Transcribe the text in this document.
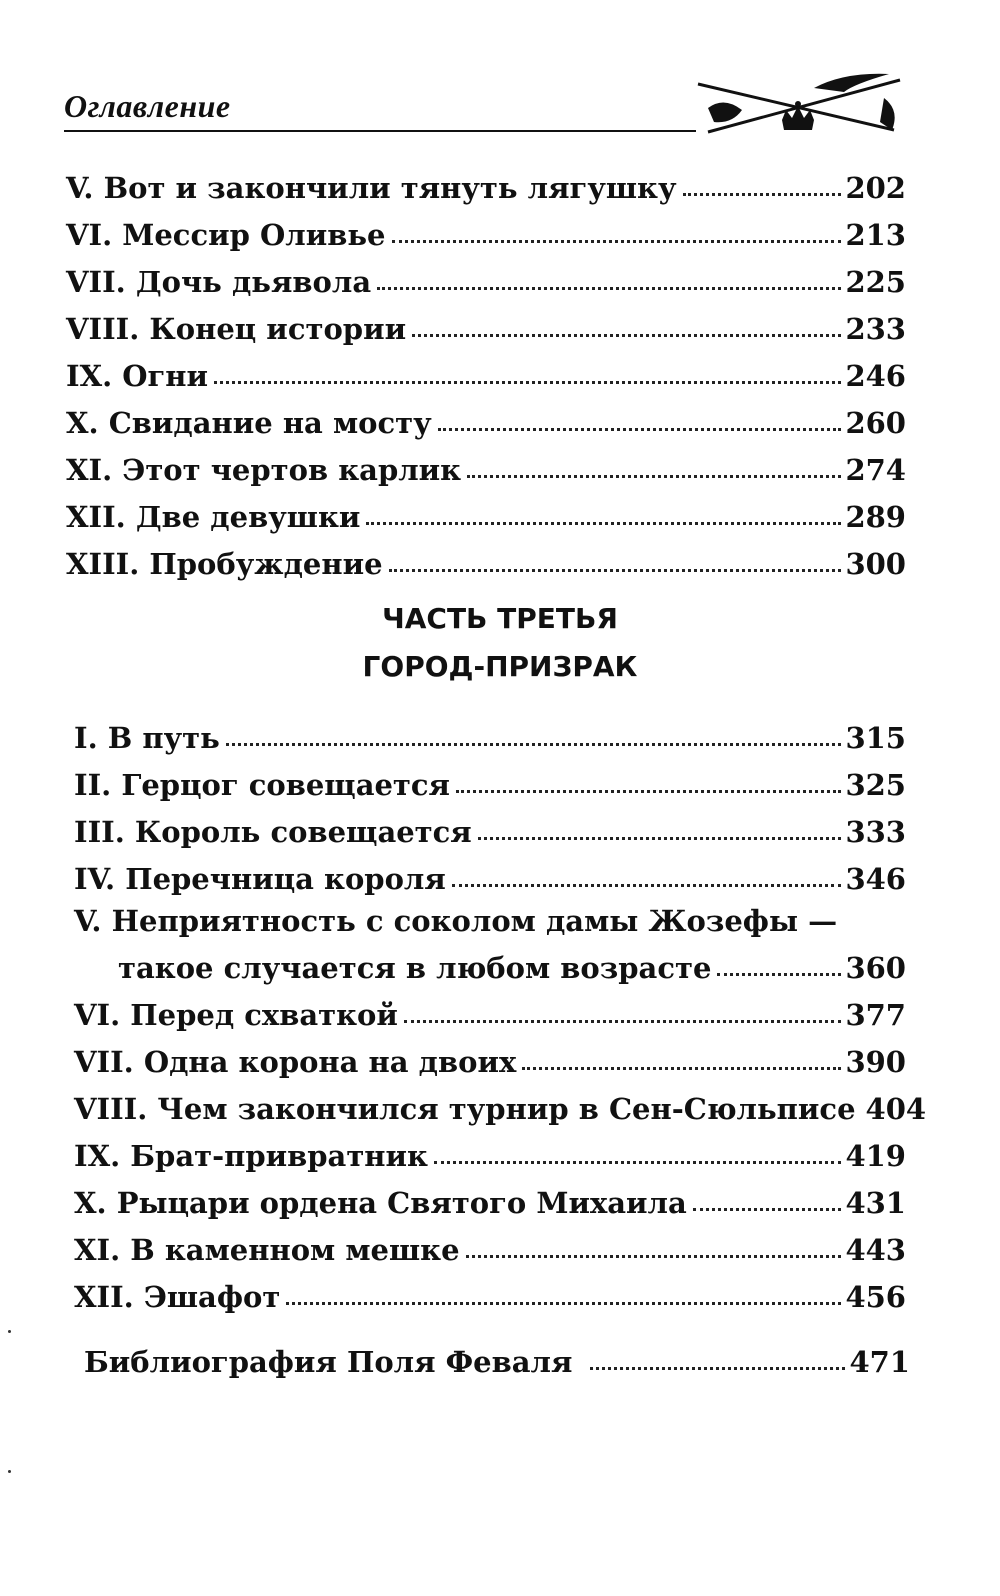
Оглавление
V. Вот и закончили тянуть лягушку	202
VI. Мессир Оливье	213
VII. Дочь дьявола	225
VIII. Конец истории	233
IX. Огни	246
X. Свидание на мосту	260
XI. Этот чертов карлик	274
XII. Две девушки	289
XIII. Пробуждение	300
ЧАСТЬ ТРЕТЬЯ
ГОРОД-ПРИЗРАК
I. В путь	315
II. Герцог совещается	325
III. Король совещается	333
IV. Перечница короля	346
V. Неприятность с соколом дамы Жозефы —
такое случается в любом возрасте	360
VI. Перед схваткой	377
VII. Одна корона на двоих	390
VIII. Чем закончился турнир в Сен-Сюльписе 404
IX. Брат-привратник	419
X. Рыцари ордена Святого Михаила	431
XI. В каменном мешке	443
XII. Эшафот	456
Библиография Поля Феваля	471
